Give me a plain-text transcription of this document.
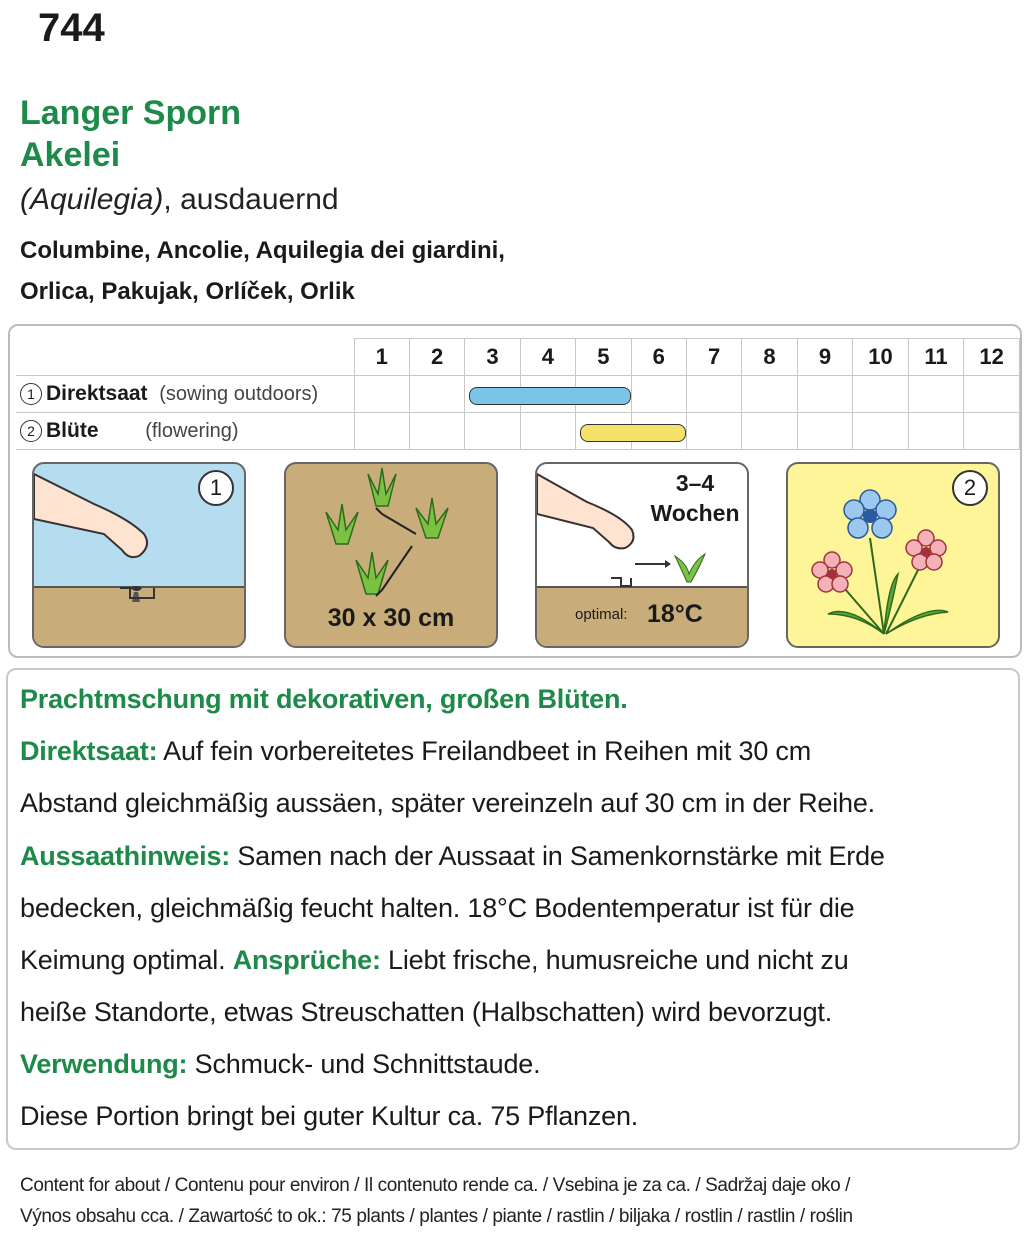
744
Langer Sporn
Akelei
(Aquilegia), ausdauernd
Columbine, Ancolie, Aquilegia dei giardini,
Orlica, Pakujak, Orlíček, Orlik
	1	2	3	4	5	6	7	8	9	10	11	12
1 Direktsaat (sowing outdoors)												
2 Blüte (flowering)												
1
30 x 30 cm
3–4
Wochen
optimal: 18°C
2

Prachtmschung mit dekorativen, großen Blüten.

Direktsaat: Auf fein vorbereitetes Freilandbeet in Reihen mit 30 cm

Abstand gleichmäßig aussäen, später vereinzeln auf 30 cm in der Reihe.

Aussaathinweis: Samen nach der Aussaat in Samenkornstärke mit Erde

bedecken, gleichmäßig feucht halten. 18°C Bodentemperatur ist für die

Keimung optimal. Ansprüche: Liebt frische, humusreiche und nicht zu

heiße Standorte, etwas Streuschatten (Halbschatten) wird bevorzugt.

Verwendung: Schmuck- und Schnittstaude.

Diese Portion bringt bei guter Kultur ca. 75 Pflanzen.

Content for about / Contenu pour environ / Il contenuto rende ca. / Vsebina je za ca. / Sadržaj daje oko /
Výnos obsahu cca. / Zawartość to ok.: 75 plants / plantes / piante / rastlin / biljaka / rostlin / rastlin / roślin
